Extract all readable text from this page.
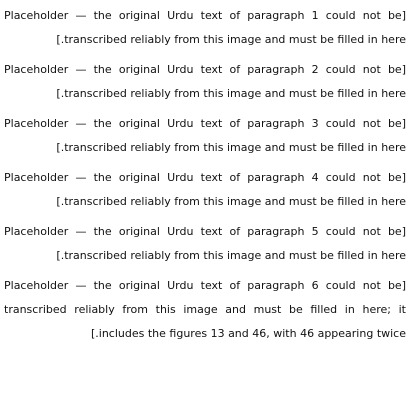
[Placeholder — the original Urdu text of paragraph 1 could not be transcribed reliably from this image and must be filled in here.]

[Placeholder — the original Urdu text of paragraph 2 could not be transcribed reliably from this image and must be filled in here.]

[Placeholder — the original Urdu text of paragraph 3 could not be transcribed reliably from this image and must be filled in here.]

[Placeholder — the original Urdu text of paragraph 4 could not be transcribed reliably from this image and must be filled in here.]

[Placeholder — the original Urdu text of paragraph 5 could not be transcribed reliably from this image and must be filled in here.]

[Placeholder — the original Urdu text of paragraph 6 could not be transcribed reliably from this image and must be filled in here; it includes the figures 13 and 46, with 46 appearing twice.]
